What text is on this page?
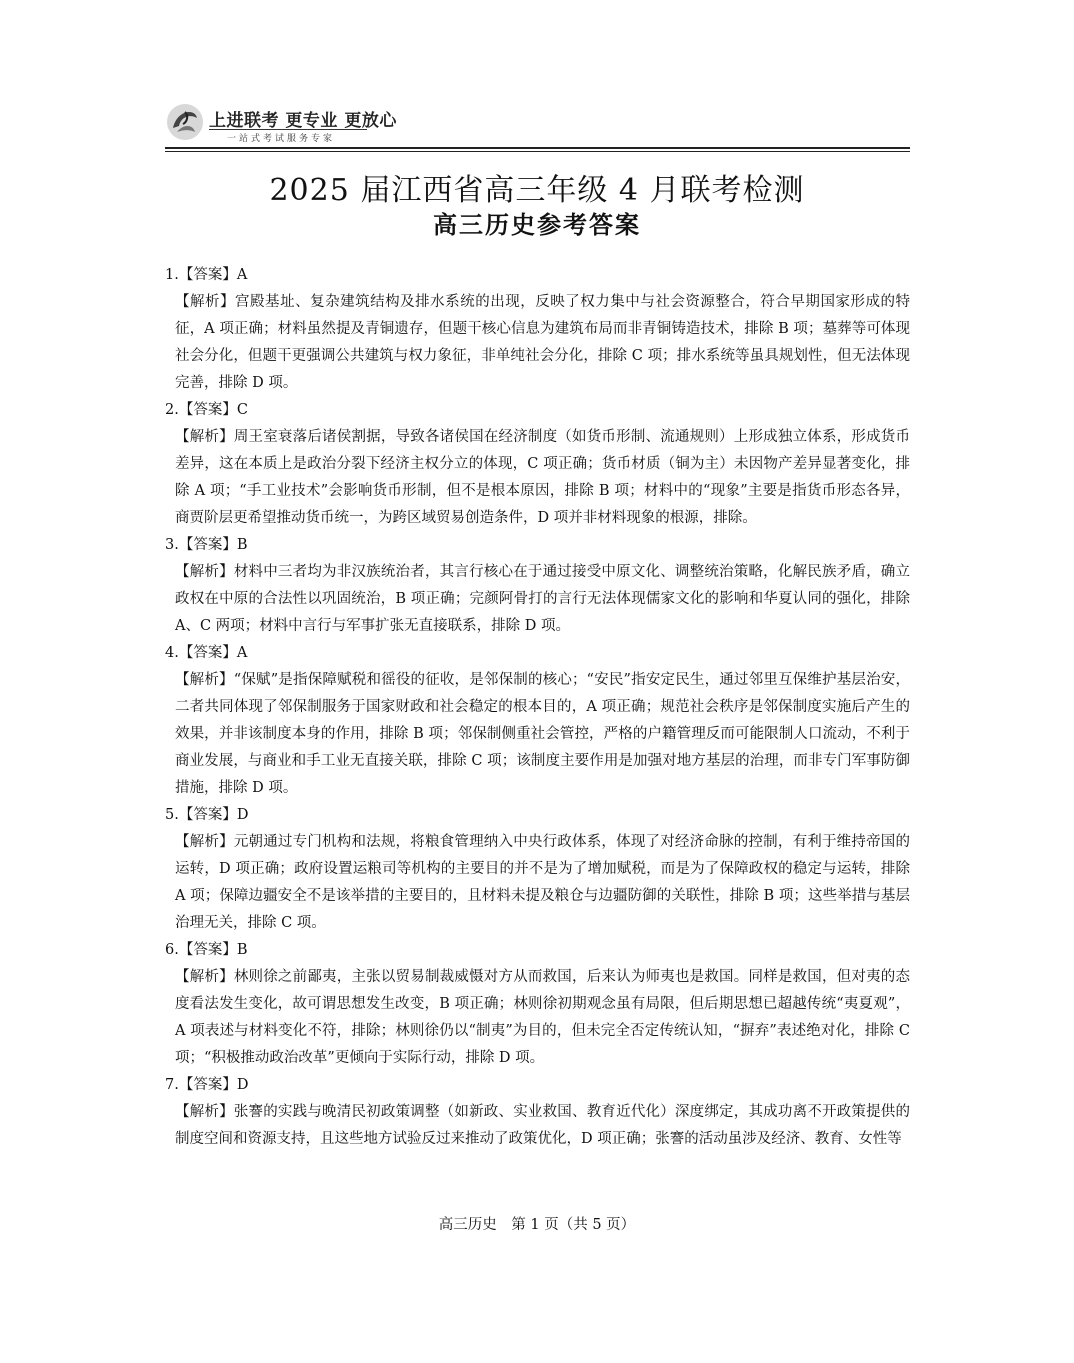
上进联考 更专业 更放心
一站式考试服务专家
2025 届江西省高三年级 4 月联考检测
高三历史参考答案

1.【答案】A

【解析】宫殿基址、复杂建筑结构及排水系统的出现，反映了权力集中与社会资源整合，符合早期国家形成的特征，A 项正确；材料虽然提及青铜遗存，但题干核心信息为建筑布局而非青铜铸造技术，排除 B 项；墓葬等可体现社会分化，但题干更强调公共建筑与权力象征，非单纯社会分化，排除 C 项；排水系统等虽具规划性，但无法体现完善，排除 D 项。

2.【答案】C

【解析】周王室衰落后诸侯割据，导致各诸侯国在经济制度（如货币形制、流通规则）上形成独立体系，形成货币差异，这在本质上是政治分裂下经济主权分立的体现，C 项正确；货币材质（铜为主）未因物产差异显著变化，排除 A 项；“手工业技术”会影响货币形制，但不是根本原因，排除 B 项；材料中的“现象”主要是指货币形态各异，商贾阶层更希望推动货币统一，为跨区域贸易创造条件，D 项并非材料现象的根源，排除。

3.【答案】B

【解析】材料中三者均为非汉族统治者，其言行核心在于通过接受中原文化、调整统治策略，化解民族矛盾，确立政权在中原的合法性以巩固统治，B 项正确；完颜阿骨打的言行无法体现儒家文化的影响和华夏认同的强化，排除 A、C 两项；材料中言行与军事扩张无直接联系，排除 D 项。

4.【答案】A

【解析】“保赋”是指保障赋税和徭役的征收，是邻保制的核心；“安民”指安定民生，通过邻里互保维护基层治安，二者共同体现了邻保制服务于国家财政和社会稳定的根本目的，A 项正确；规范社会秩序是邻保制度实施后产生的效果，并非该制度本身的作用，排除 B 项；邻保制侧重社会管控，严格的户籍管理反而可能限制人口流动，不利于商业发展，与商业和手工业无直接关联，排除 C 项；该制度主要作用是加强对地方基层的治理，而非专门军事防御措施，排除 D 项。

5.【答案】D

【解析】元朝通过专门机构和法规，将粮食管理纳入中央行政体系，体现了对经济命脉的控制，有利于维持帝国的运转，D 项正确；政府设置运粮司等机构的主要目的并不是为了增加赋税，而是为了保障政权的稳定与运转，排除 A 项；保障边疆安全不是该举措的主要目的，且材料未提及粮仓与边疆防御的关联性，排除 B 项；这些举措与基层治理无关，排除 C 项。

6.【答案】B

【解析】林则徐之前鄙夷，主张以贸易制裁威慑对方从而救国，后来认为师夷也是救国。同样是救国，但对夷的态度看法发生变化，故可谓思想发生改变，B 项正确；林则徐初期观念虽有局限，但后期思想已超越传统“夷夏观”，A 项表述与材料变化不符，排除；林则徐仍以“制夷”为目的，但未完全否定传统认知，“摒弃”表述绝对化，排除 C 项；“积极推动政治改革”更倾向于实际行动，排除 D 项。

7.【答案】D

【解析】张謇的实践与晚清民初政策调整（如新政、实业救国、教育近代化）深度绑定，其成功离不开政策提供的制度空间和资源支持，且这些地方试验反过来推动了政策优化，D 项正确；张謇的活动虽涉及经济、教育、女性等

高三历史　第 1 页（共 5 页）
